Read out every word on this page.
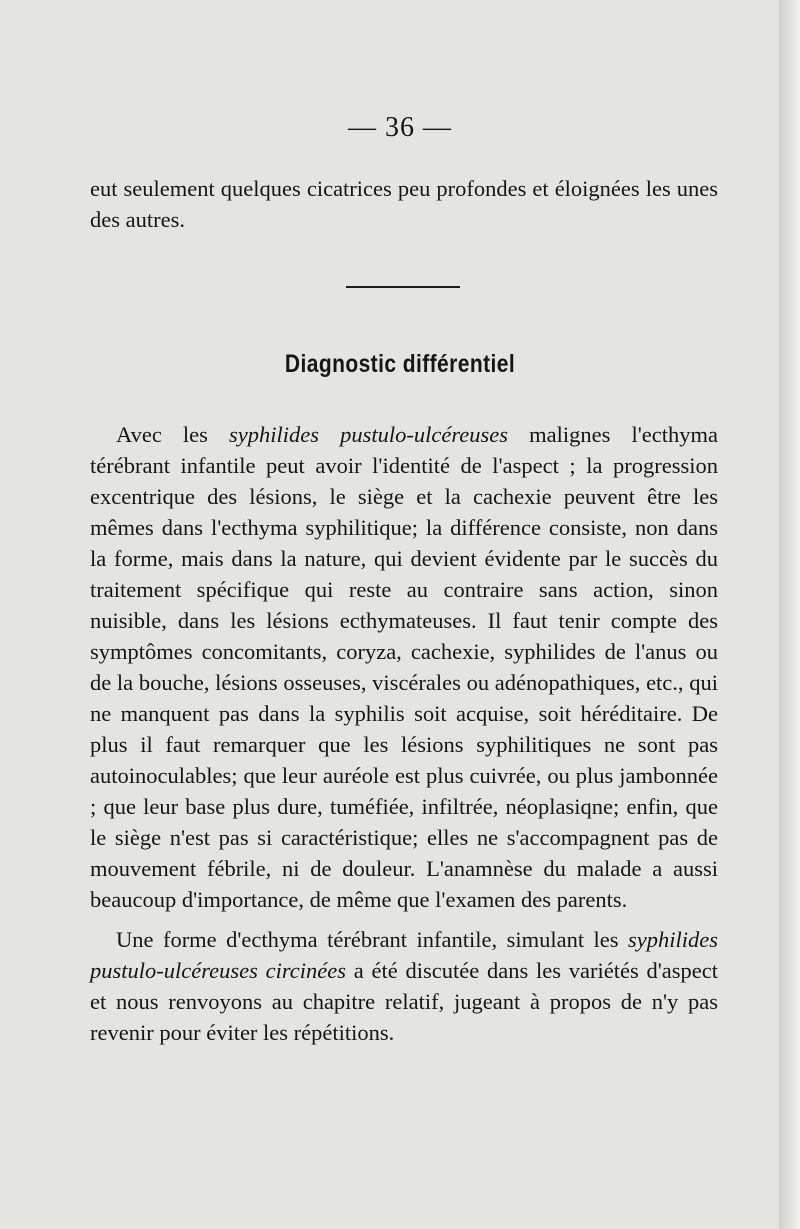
— 36 —

eut seulement quelques cicatrices peu profondes et éloignées les unes des autres.

Diagnostic différentiel

Avec les syphilides pustulo-ulcéreuses malignes l'ecthyma térébrant infantile peut avoir l'identité de l'aspect ; la progression excentrique des lésions, le siège et la cachexie peuvent être les mêmes dans l'ecthyma syphilitique; la différence consiste, non dans la forme, mais dans la nature, qui devient évidente par le succès du traitement spécifique qui reste au contraire sans action, sinon nuisible, dans les lésions ecthymateuses. Il faut tenir compte des symptômes concomitants, coryza, cachexie, syphilides de l'anus ou de la bouche, lésions osseuses, viscérales ou adénopathiques, etc., qui ne manquent pas dans la syphilis soit acquise, soit héréditaire. De plus il faut remarquer que les lésions syphilitiques ne sont pas autoinoculables; que leur auréole est plus cuivrée, ou plus jambonnée ; que leur base plus dure, tuméfiée, infiltrée, néoplasiqne; enfin, que le siège n'est pas si caractéristique; elles ne s'accompagnent pas de mouvement fébrile, ni de douleur. L'anamnèse du malade a aussi beaucoup d'importance, de même que l'examen des parents.

Une forme d'ecthyma térébrant infantile, simulant les syphilides pustulo-ulcéreuses circinées a été discutée dans les variétés d'aspect et nous renvoyons au chapitre relatif, jugeant à propos de n'y pas revenir pour éviter les répétitions.
